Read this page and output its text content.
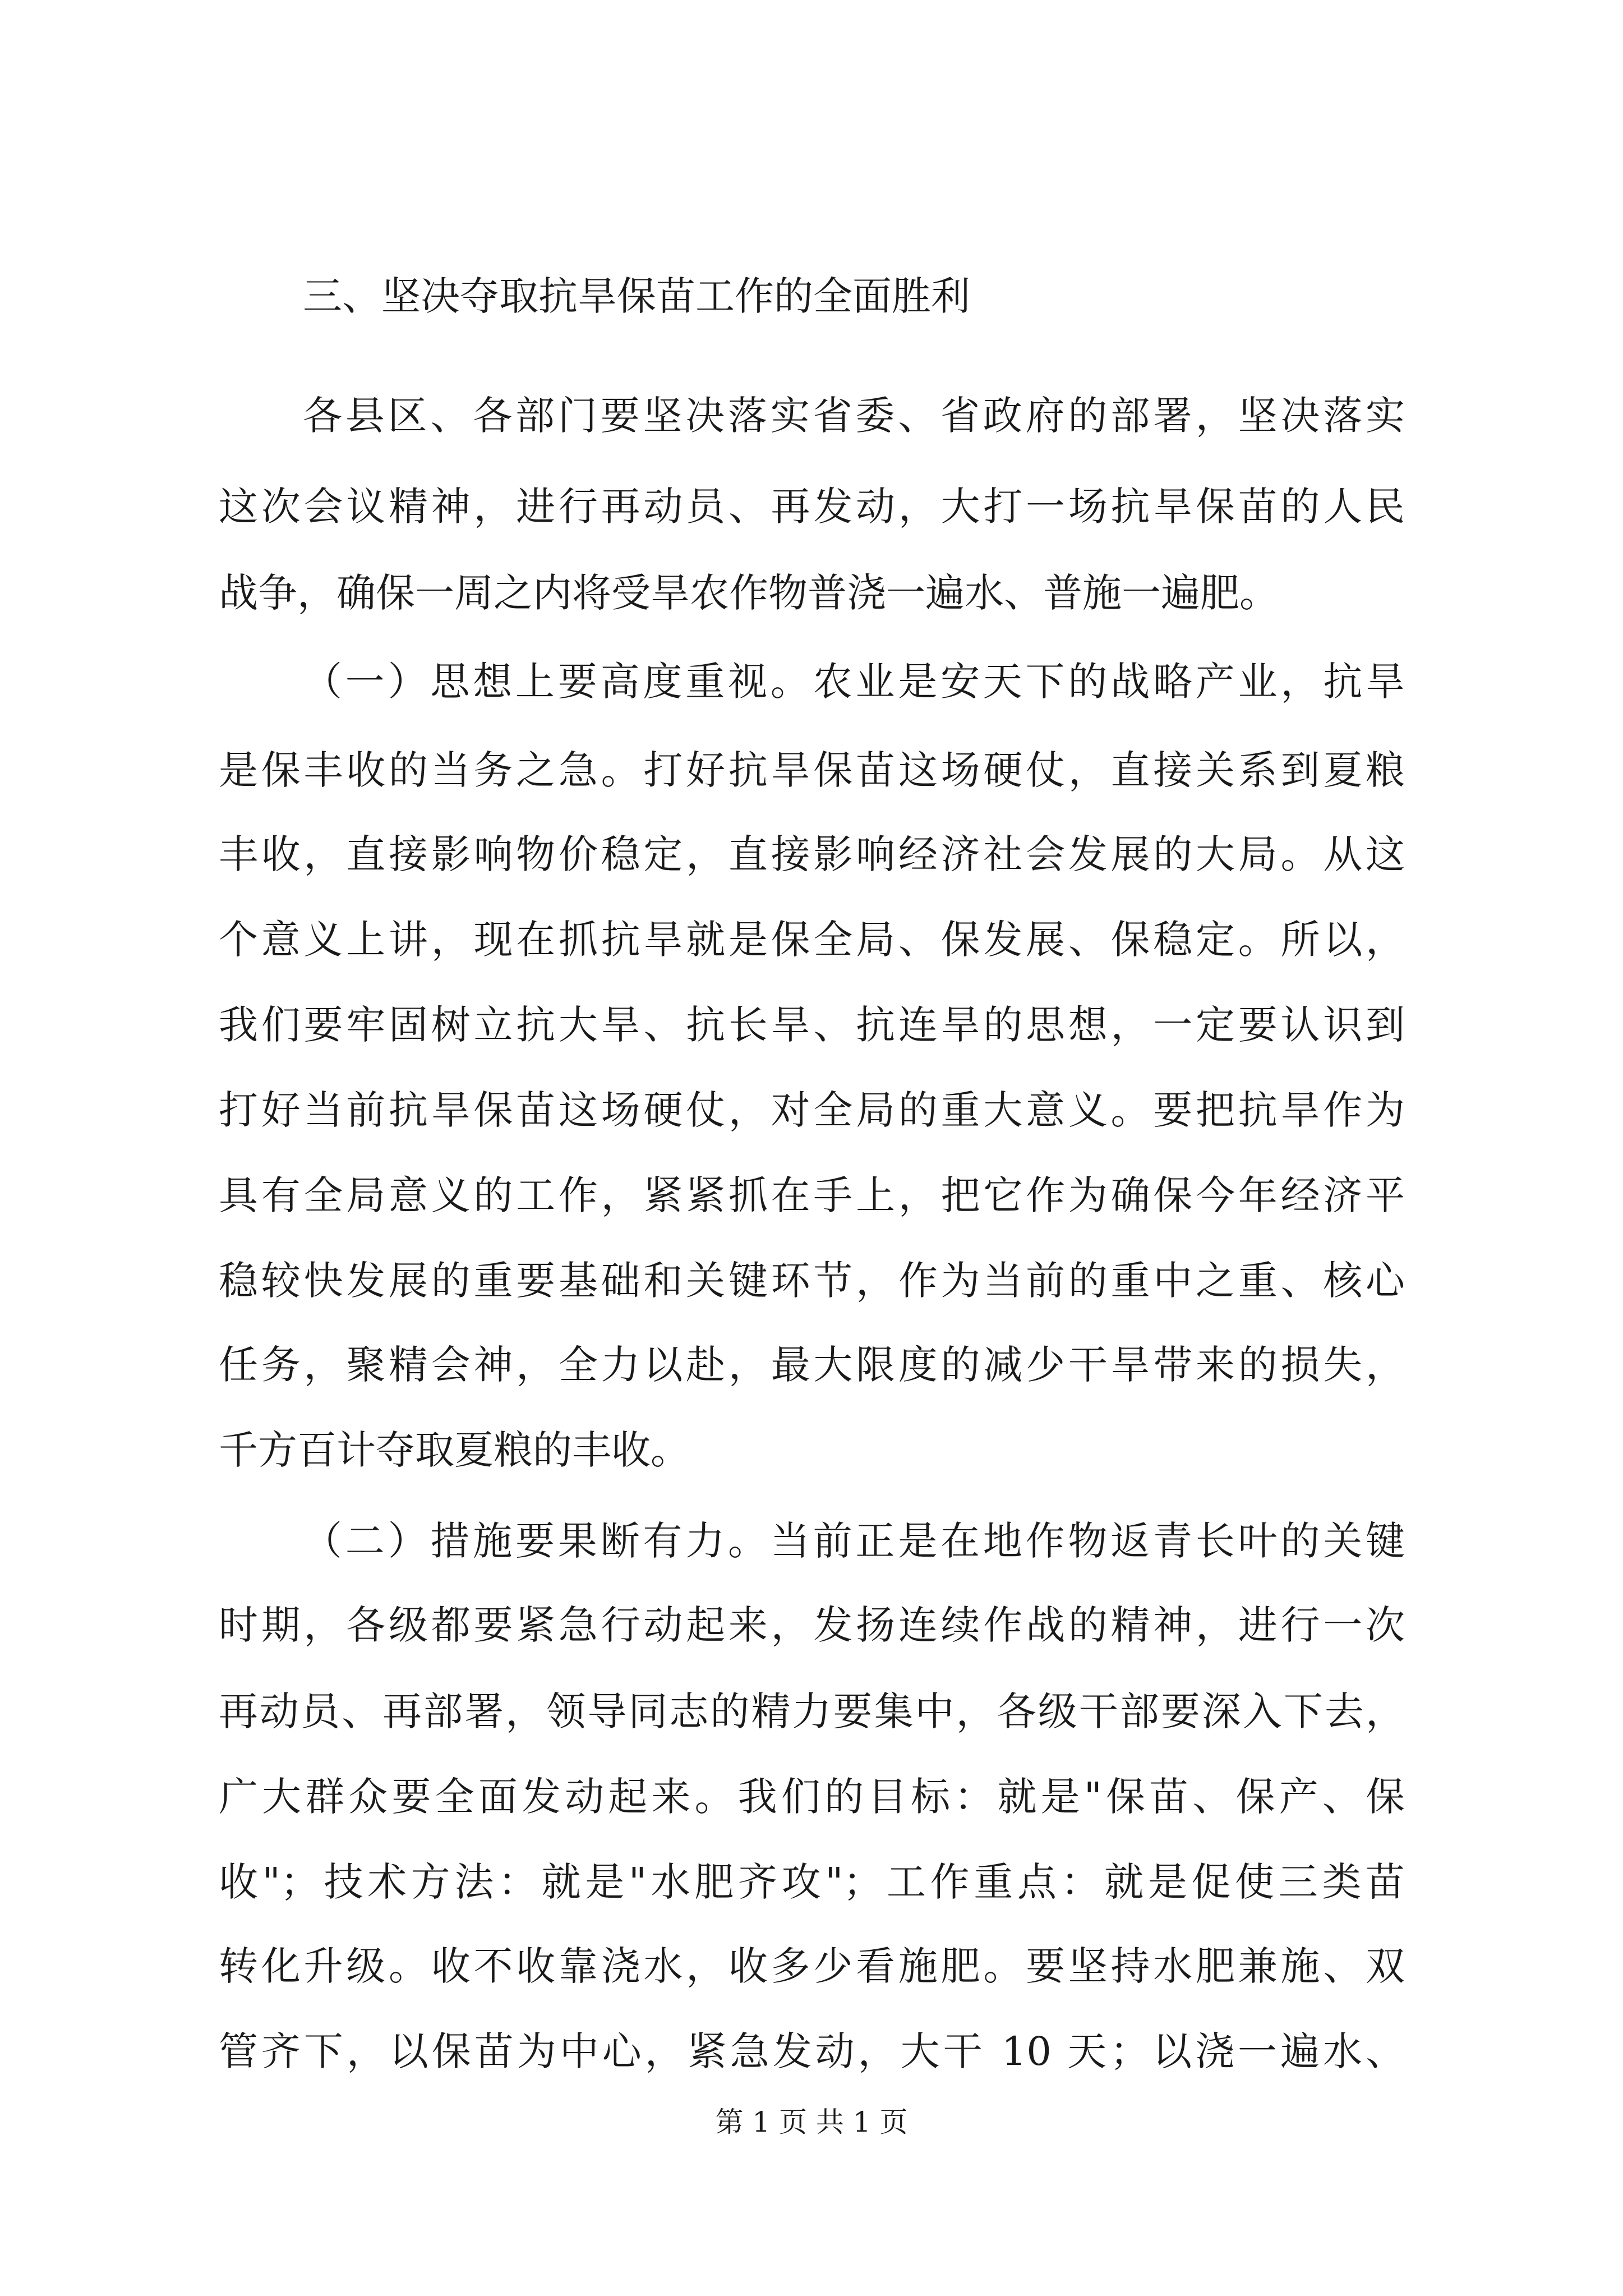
三、坚决夺取抗旱保苗工作的全面胜利
各县区、各部门要坚决落实省委、省政府的部署，坚决落实
这次会议精神，进行再动员、再发动，大打一场抗旱保苗的人民
战争，确保一周之内将受旱农作物普浇一遍水、普施一遍肥。
（一）思想上要高度重视。农业是安天下的战略产业，抗旱
是保丰收的当务之急。打好抗旱保苗这场硬仗，直接关系到夏粮
丰收，直接影响物价稳定，直接影响经济社会发展的大局。从这
个意义上讲，现在抓抗旱就是保全局、保发展、保稳定。所以，
我们要牢固树立抗大旱、抗长旱、抗连旱的思想，一定要认识到
打好当前抗旱保苗这场硬仗，对全局的重大意义。要把抗旱作为
具有全局意义的工作，紧紧抓在手上，把它作为确保今年经济平
稳较快发展的重要基础和关键环节，作为当前的重中之重、核心
任务，聚精会神，全力以赴，最大限度的减少干旱带来的损失，
千方百计夺取夏粮的丰收。
（二）措施要果断有力。当前正是在地作物返青长叶的关键
时期，各级都要紧急行动起来，发扬连续作战的精神，进行一次
再动员、再部署，领导同志的精力要集中，各级干部要深入下去，
广大群众要全面发动起来。我们的目标：就是"保苗、保产、保
收"；技术方法：就是"水肥齐攻"；工作重点：就是促使三类苗
转化升级。收不收靠浇水，收多少看施肥。要坚持水肥兼施、双
管齐下，以保苗为中心，紧急发动，大干 10 天；以浇一遍水、
第 1 页 共 1 页
